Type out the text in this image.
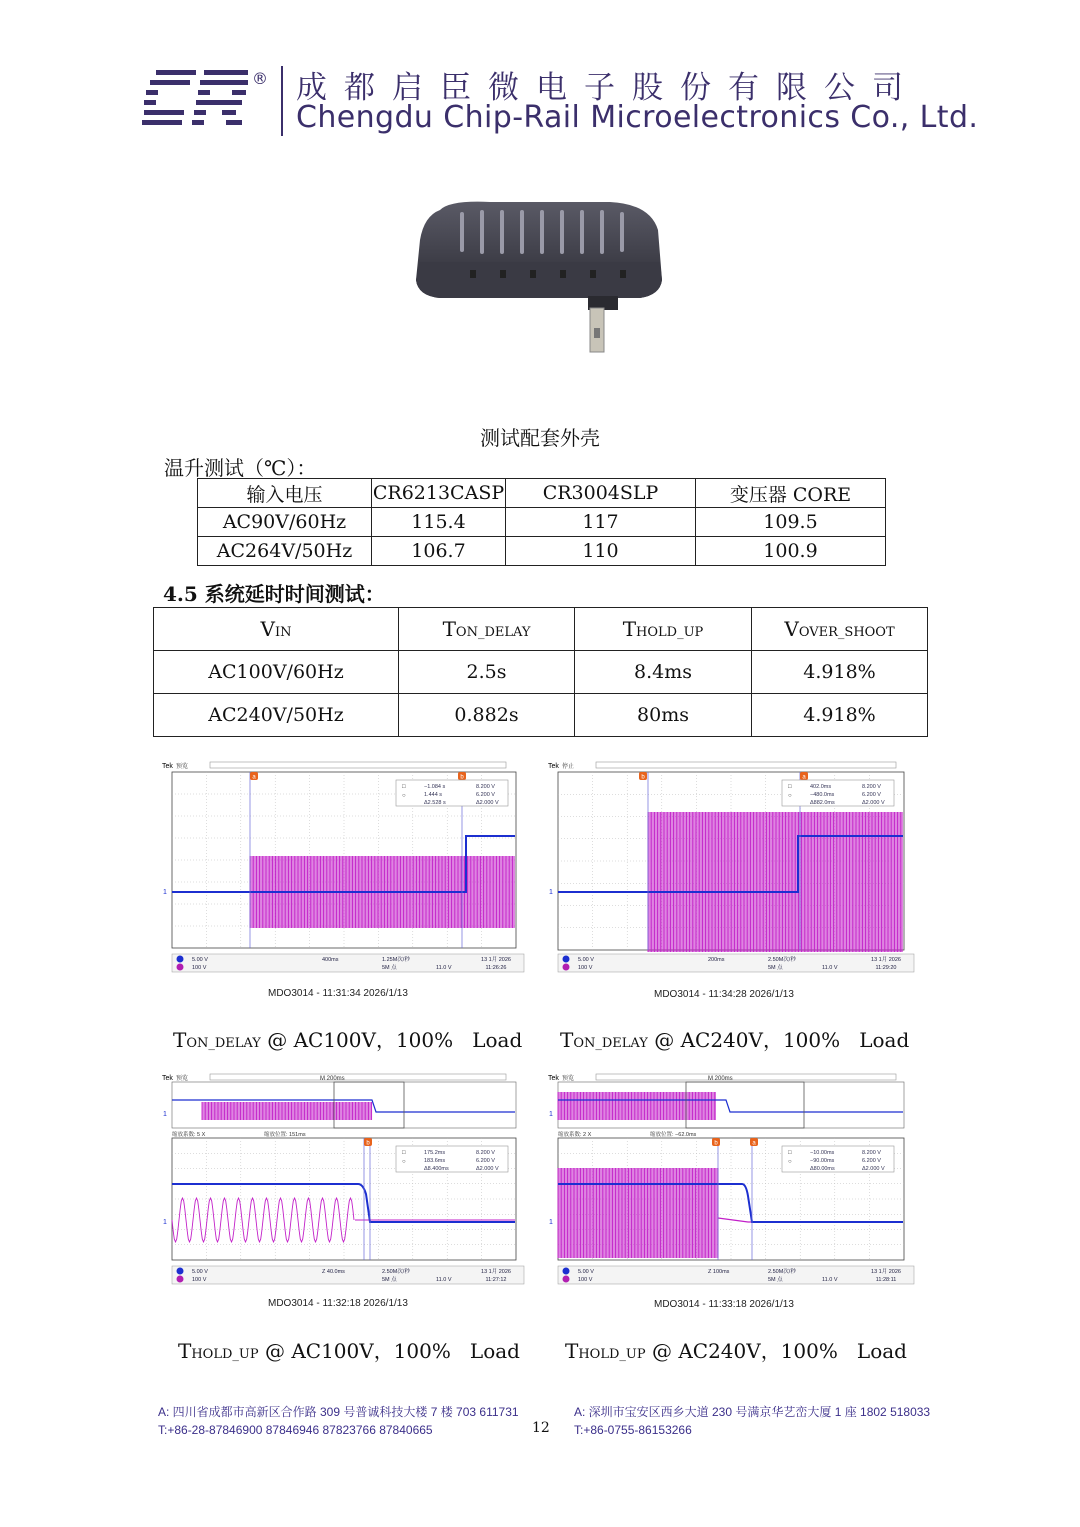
® 成都启臣微电子股份有限公司
Chengdu Chip-Rail Microelectronics Co., Ltd.
测试配套外壳
温升测试（℃）：
输入电压	CR6213CASP	CR3004SLP	变压器 CORE
AC90V/60Hz	115.4	117	109.5
AC264V/50Hz	106.7	110	100.9
4.5 系统延时时间测试：
VIN	TON_DELAY	THOLD_UP	VOVER_SHOOT
AC100V/60Hz	2.5s	8.4ms	4.918%
AC240V/50Hz	0.882s	80ms	4.918%
Tek 预览
a	b
□
○
−1.084 s
1.444 s
Δ2.528 s
8.200 V
6.200 V
Δ2.000 V
1
5.00 V
100 V
400ms	1.25M次/秒
5M 点	11.0 V
13 1月 2026
11:26:26
Tek 停止
b	a
□
○
402.0ms
−480.0ms
Δ882.0ms
8.200 V
6.200 V
Δ2.000 V
1
5.00 V
100 V
200ms	2.50M次/秒
5M 点	11.0 V
13 1月 2026
11:29:20
Tek 预览	M 200ms
缩放系数: 5 X	缩放位置: 151ms
b
□
○
175.2ms
183.6ms
Δ8.400ms
8.200 V
6.200 V
Δ2.000 V
1
1
5.00 V
100 V
Z 40.0ms	2.50M次/秒
5M 点	11.0 V
13 1月 2026
11:27:12
Tek 预览	M 200ms
缩放系数: 2 X	缩放位置: −62.0ms
b	a
□
○
−10.00ms
−90.00ms
Δ80.00ms
8.200 V
6.200 V
Δ2.000 V
1
1
5.00 V
100 V
Z 100ms	2.50M次/秒
5M 点	11.0 V
13 1月 2026
11:28:11
MDO3014 - 11:31:34 2026/1/13	MDO3014 - 11:34:28 2026/1/13
MDO3014 - 11:32:18 2026/1/13	MDO3014 - 11:33:18 2026/1/13
TON_DELAY @ AC100V，100%   Load TON_DELAY @ AC240V，100%   Load
THOLD_UP @ AC100V，100%   Load THOLD_UP @ AC240V，100%   Load
A: 四川省成都市高新区合作路 309 号普诚科技大楼 7 楼 703 611731
T:+86-28-87846900 87846946 87823766 87840665	12
A: 深圳市宝安区西乡大道 230 号满京华艺峦大厦 1 座 1802 518033
T:+86-0755-86153266
